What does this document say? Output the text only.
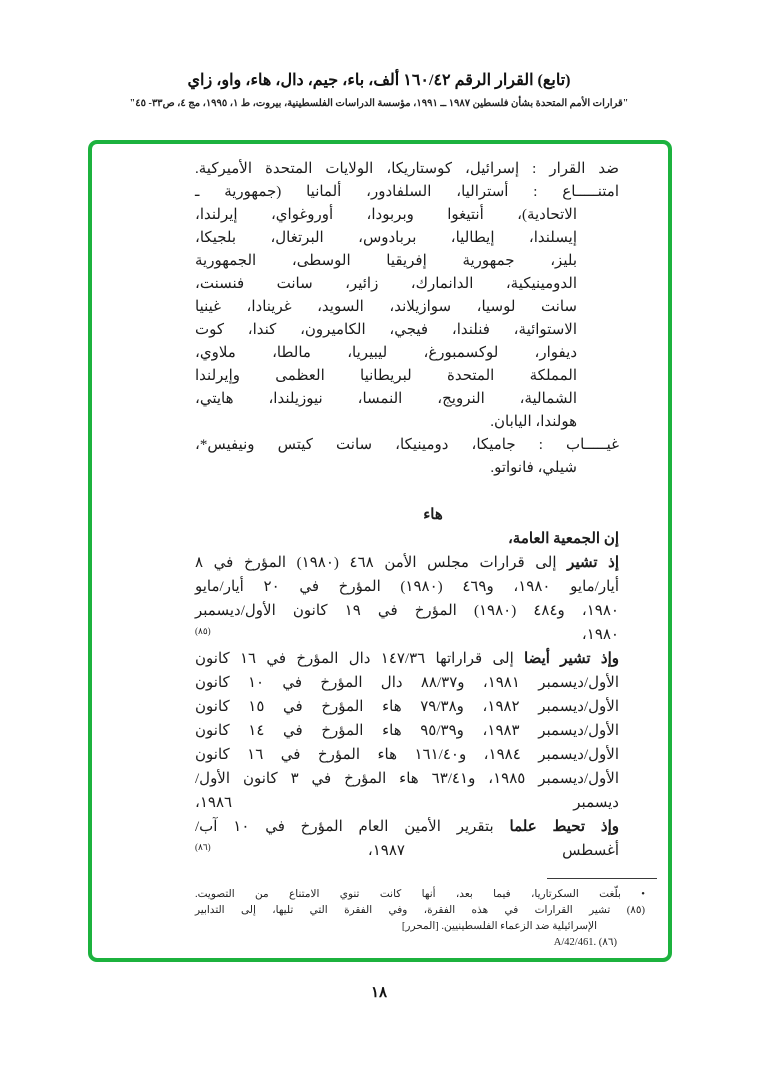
(تابع) القرار الرقم ١٦٠/٤٢ ألف، باء، جيم، دال، هاء، واو، زاي
"قرارات الأمم المتحدة بشأن فلسطين ١٩٨٧ ــ ١٩٩١، مؤسسة الدراسات الفلسطينية، بيروت، ط ١، ١٩٩٥، مج ٤، ص٣٣- ٤٥"
ضد القرار : إسرائيل، كوستاريكا، الولايات المتحدة الأميركية.
امتنـــــاع : أستراليا، السلفادور، ألمانيا (جمهورية ـ
الاتحادية)، أنتيغوا وبربودا، أوروغواي، إيرلندا،
إيسلندا، إيطاليا، بربادوس، البرتغال، بلجيكا،
بليز، جمهورية إفريقيا الوسطى، الجمهورية
الدومينيكية، الدانمارك، زائير، سانت فنسنت،
سانت لوسيا، سوازيلاند، السويد، غرينادا، غينيا
الاستوائية، فنلندا، فيجي، الكاميرون، كندا، كوت
ديفوار، لوكسمبورغ، ليبيريا، مالطا، ملاوي،
المملكة المتحدة لبريطانيا العظمى وإيرلندا
الشمالية، النرويج، النمسا، نيوزيلندا، هايتي،
هولندا، اليابان.
غيـــــاب : جاميكا، دومينيكا، سانت كيتس ونيفيس*،
شيلي، فانواتو.
هاء
إن الجمعية العامة،
إذ تشير إلى قرارات مجلس الأمن ٤٦٨ (١٩٨٠) المؤرخ في ٨
أيار/مايو ١٩٨٠، و٤٦٩ (١٩٨٠) المؤرخ في ٢٠ أيار/مايو
١٩٨٠، و٤٨٤ (١٩٨٠) المؤرخ في ١٩ كانون الأول/ديسمبر
١٩٨٠، $^{(٨٥)}$
وإذ تشير أيضا إلى قراراتها ١٤٧/٣٦ دال المؤرخ في ١٦ كانون
الأول/ديسمبر ١٩٨١، و٨٨/٣٧ دال المؤرخ في ١٠ كانون
الأول/ديسمبر ١٩٨٢، و٧٩/٣٨ هاء المؤرخ في ١٥ كانون
الأول/ديسمبر ١٩٨٣، و٩٥/٣٩ هاء المؤرخ في ١٤ كانون
الأول/ديسمبر ١٩٨٤، و١٦١/٤٠ هاء المؤرخ في ١٦ كانون
الأول/ديسمبر ١٩٨٥، و٦٣/٤١ هاء المؤرخ في ٣ كانون الأول/
ديسمبر ١٩٨٦،
وإذ تحيط علما بتقرير الأمين العام المؤرخ في ١٠ آب/
أغسطس ١٩٨٧، $^{(٨٦)}$
• بلّغت السكرتاريا، فيما بعد، أنها كانت تنوي الامتناع من التصويت.
(٨٥) تشير القرارات في هذه الفقرة، وفي الفقرة التي تليها، إلى التدابير
الإسرائيلية ضد الزعماء الفلسطينيين. [المحرر]
(٨٦) A/42/461.
١٨
